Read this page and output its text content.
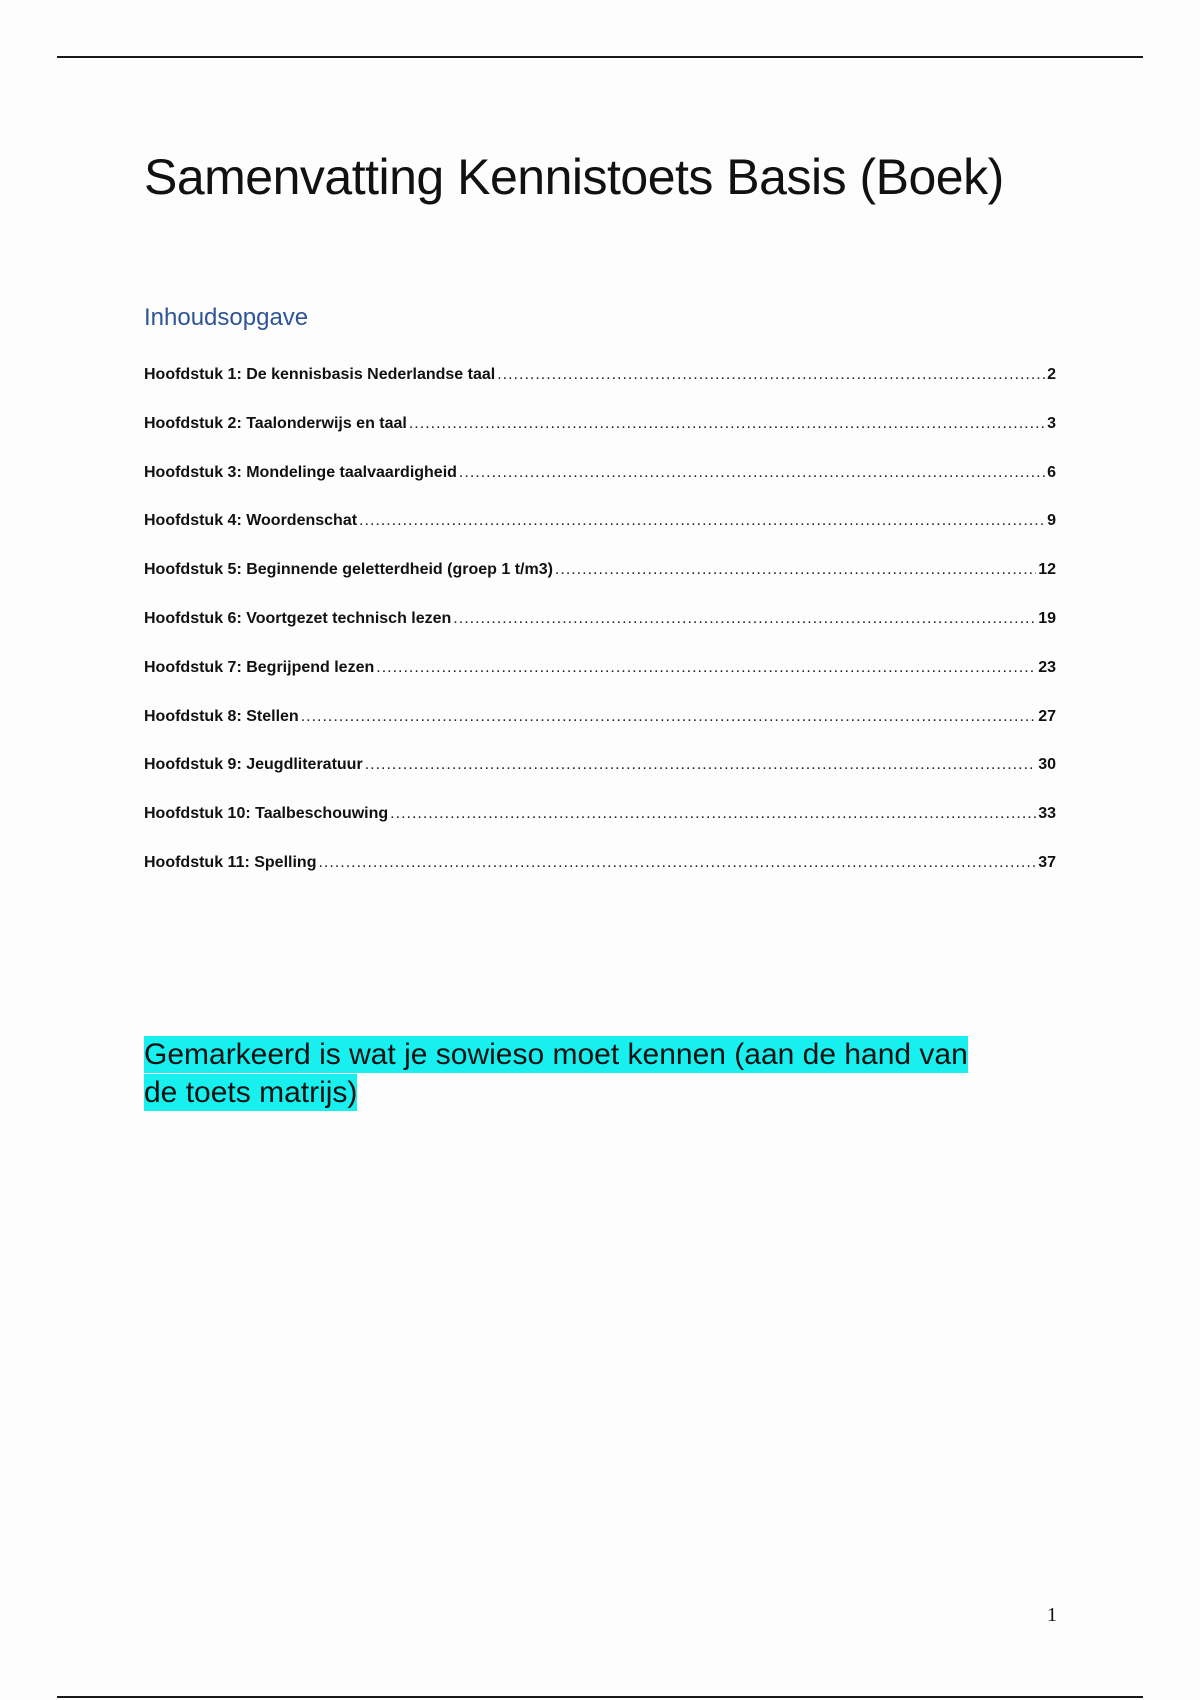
Samenvatting Kennistoets Basis (Boek)
Inhoudsopgave
Hoofdstuk 1: De kennisbasis Nederlandse taal .....	2
Hoofdstuk 2: Taalonderwijs en taal .....	3
Hoofdstuk 3: Mondelinge taalvaardigheid .....	6
Hoofdstuk 4: Woordenschat .....	9
Hoofdstuk 5: Beginnende geletterdheid (groep 1 t/m3) .....	12
Hoofdstuk 6: Voortgezet technisch lezen .....	19
Hoofdstuk 7: Begrijpend lezen .....	23
Hoofdstuk 8: Stellen .....	27
Hoofdstuk 9: Jeugdliteratuur .....	30
Hoofdstuk 10: Taalbeschouwing .....	33
Hoofdstuk 11: Spelling .....	37

Gemarkeerd is wat je sowieso moet kennen (aan de hand van de toets matrijs)

1
